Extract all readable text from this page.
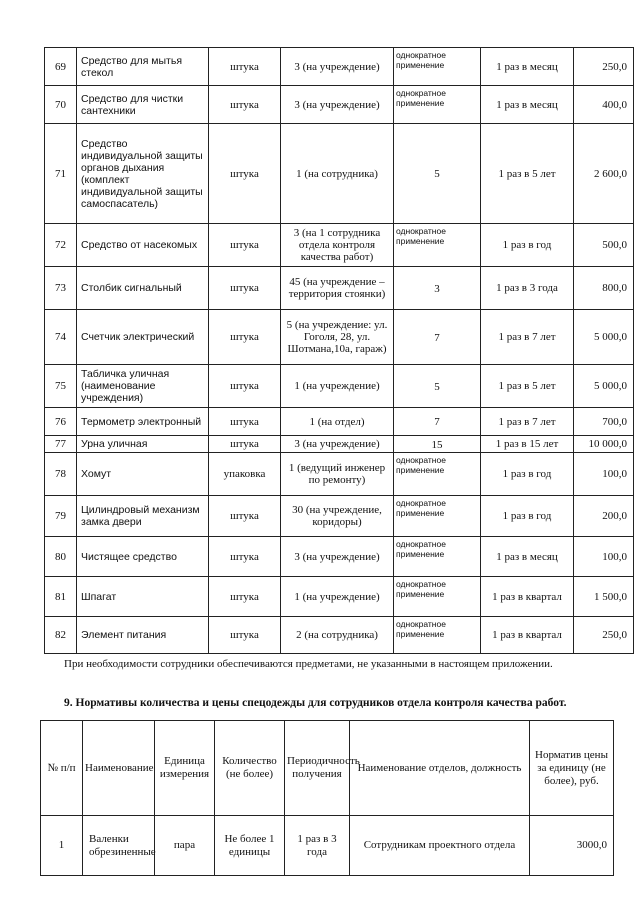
69	Средство для мытья стекол	штука	3 (на учреждение)	однократное применение	1 раз в месяц	250,0
70	Средство для чистки сантехники	штука	3 (на учреждение)	однократное применение	1 раз в месяц	400,0
71	Средство индивидуальной защиты органов дыхания (комплект индивидуальной защиты самоспасатель)	штука	1 (на сотрудника)	5	1 раз в 5 лет	2 600,0
72	Средство от насекомых	штука	3 (на 1 сотрудника отдела контроля качества работ)	однократное применение	1 раз в год	500,0
73	Столбик сигнальный	штука	45 (на учреждение – территория стоянки)	3	1 раз в 3 года	800,0
74	Счетчик электрический	штука	5 (на учреждение: ул. Гоголя, 28, ул. Шотмана,10а, гараж)	7	1 раз в 7 лет	5 000,0
75	Табличка уличная (наименование учреждения)	штука	1 (на учреждение)	5	1 раз в 5 лет	5 000,0
76	Термометр электронный	штука	1 (на отдел)	7	1 раз в 7 лет	700,0
77	Урна уличная	штука	3 (на учреждение)	15	1 раз в 15 лет	10 000,0
78	Хомут	упаковка	1 (ведущий инженер по ремонту)	однократное применение	1 раз в год	100,0
79	Цилиндровый механизм замка двери	штука	30 (на учреждение, коридоры)	однократное применение	1 раз в год	200,0
80	Чистящее средство	штука	3 (на учреждение)	однократное применение	1 раз в месяц	100,0
81	Шпагат	штука	1 (на учреждение)	однократное применение	1 раз в квартал	1 500,0
82	Элемент питания	штука	2 (на сотрудника)	однократное применение	1 раз в квартал	250,0
При необходимости сотрудники обеспечиваются предметами, не указанными в настоящем приложении.
9. Нормативы количества и цены спецодежды для сотрудников отдела контроля качества работ.
№ п/п	Наименование	Единица измерения	Количество (не более)	Периодичность получения	Наименование отделов, должность	Норматив цены за единицу (не более), руб.
1	Валенки обрезиненные	пара	Не более 1 единицы	1 раз в 3 года	Сотрудникам проектного отдела	3000,0
